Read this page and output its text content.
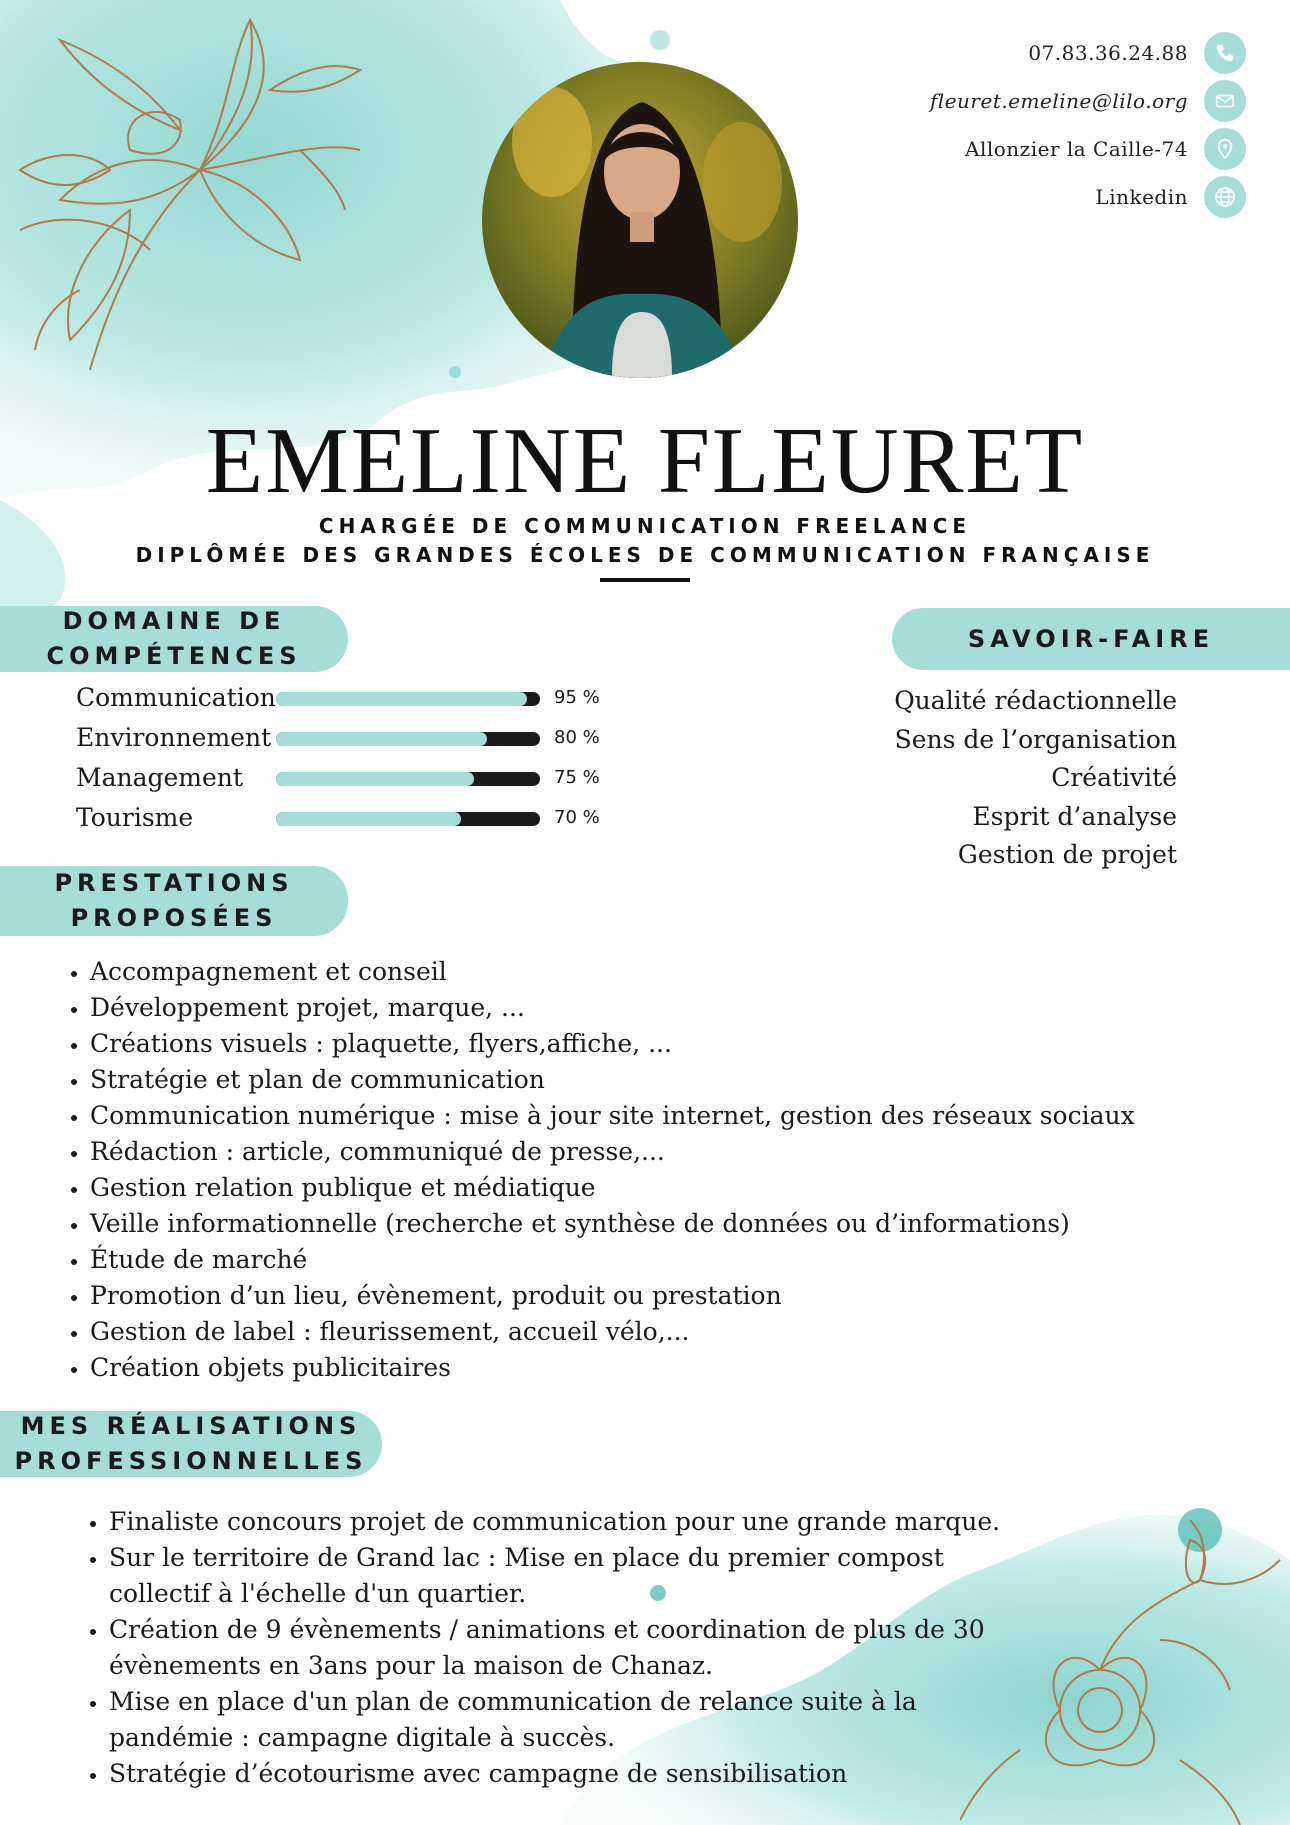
07.83.36.24.88
fleuret.emeline@lilo.org
Allonzier la Caille-74
Linkedin
EMELINE FLEURET
CHARGÉE DE COMMUNICATION FREELANCE
DIPLÔMÉE DES GRANDES ÉCOLES DE COMMUNICATION FRANÇAISE
DOMAINE DE
COMPÉTENCES
Communication	95 %
Environnement	80 %
Management	75 %
Tourisme	70 %
SAVOIR-FAIRE
Qualité rédactionnelle
Sens de l’organisation
Créativité
Esprit d’analyse
Gestion de projet
PRESTATIONS
PROPOSÉES
• Accompagnement et conseil
• Développement projet, marque, ...
• Créations visuels : plaquette, flyers,affiche, ...
• Stratégie et plan de communication
• Communication numérique : mise à jour site internet, gestion des réseaux sociaux
• Rédaction : article, communiqué de presse,...
• Gestion relation publique et médiatique
• Veille informationnelle (recherche et synthèse de données ou d’informations)
• Étude de marché
• Promotion d’un lieu, évènement, produit ou prestation
• Gestion de label : fleurissement, accueil vélo,...
• Création objets publicitaires
MES RÉALISATIONS
PROFESSIONNELLES
• Finaliste concours projet de communication pour une grande marque.
• Sur le territoire de Grand lac : Mise en place du premier compost collectif à l'échelle d'un quartier.
• Création de 9 évènements / animations et coordination de plus de 30 évènements en 3ans pour la maison de Chanaz.
• Mise en place d'un plan de communication de relance suite à la pandémie : campagne digitale à succès.
• Stratégie d’écotourisme avec campagne de sensibilisation
